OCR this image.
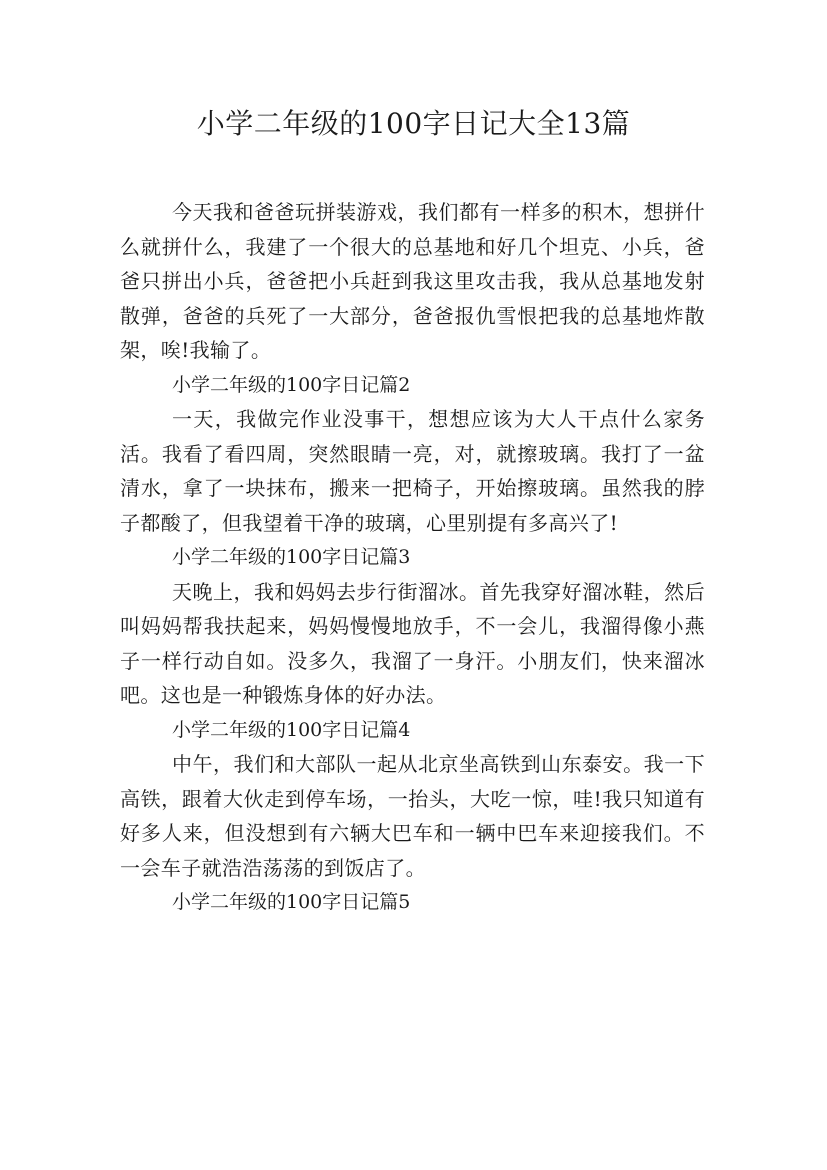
小学二年级的100字日记大全13篇

今天我和爸爸玩拼装游戏，我们都有一样多的积木，想拼什么就拼什么，我建了一个很大的总基地和好几个坦克、小兵，爸爸只拼出小兵，爸爸把小兵赶到我这里攻击我，我从总基地发射散弹，爸爸的兵死了一大部分，爸爸报仇雪恨把我的总基地炸散架，唉!我输了。

小学二年级的100字日记篇2

一天，我做完作业没事干，想想应该为大人干点什么家务活。我看了看四周，突然眼睛一亮，对，就擦玻璃。我打了一盆清水，拿了一块抹布，搬来一把椅子，开始擦玻璃。虽然我的脖子都酸了，但我望着干净的玻璃，心里别提有多高兴了!

小学二年级的100字日记篇3

天晚上，我和妈妈去步行街溜冰。首先我穿好溜冰鞋，然后叫妈妈帮我扶起来，妈妈慢慢地放手，不一会儿，我溜得像小燕子一样行动自如。没多久，我溜了一身汗。小朋友们，快来溜冰吧。这也是一种锻炼身体的好办法。

小学二年级的100字日记篇4

中午，我们和大部队一起从北京坐高铁到山东泰安。我一下高铁，跟着大伙走到停车场，一抬头，大吃一惊，哇!我只知道有好多人来，但没想到有六辆大巴车和一辆中巴车来迎接我们。不一会车子就浩浩荡荡的到饭店了。

小学二年级的100字日记篇5
